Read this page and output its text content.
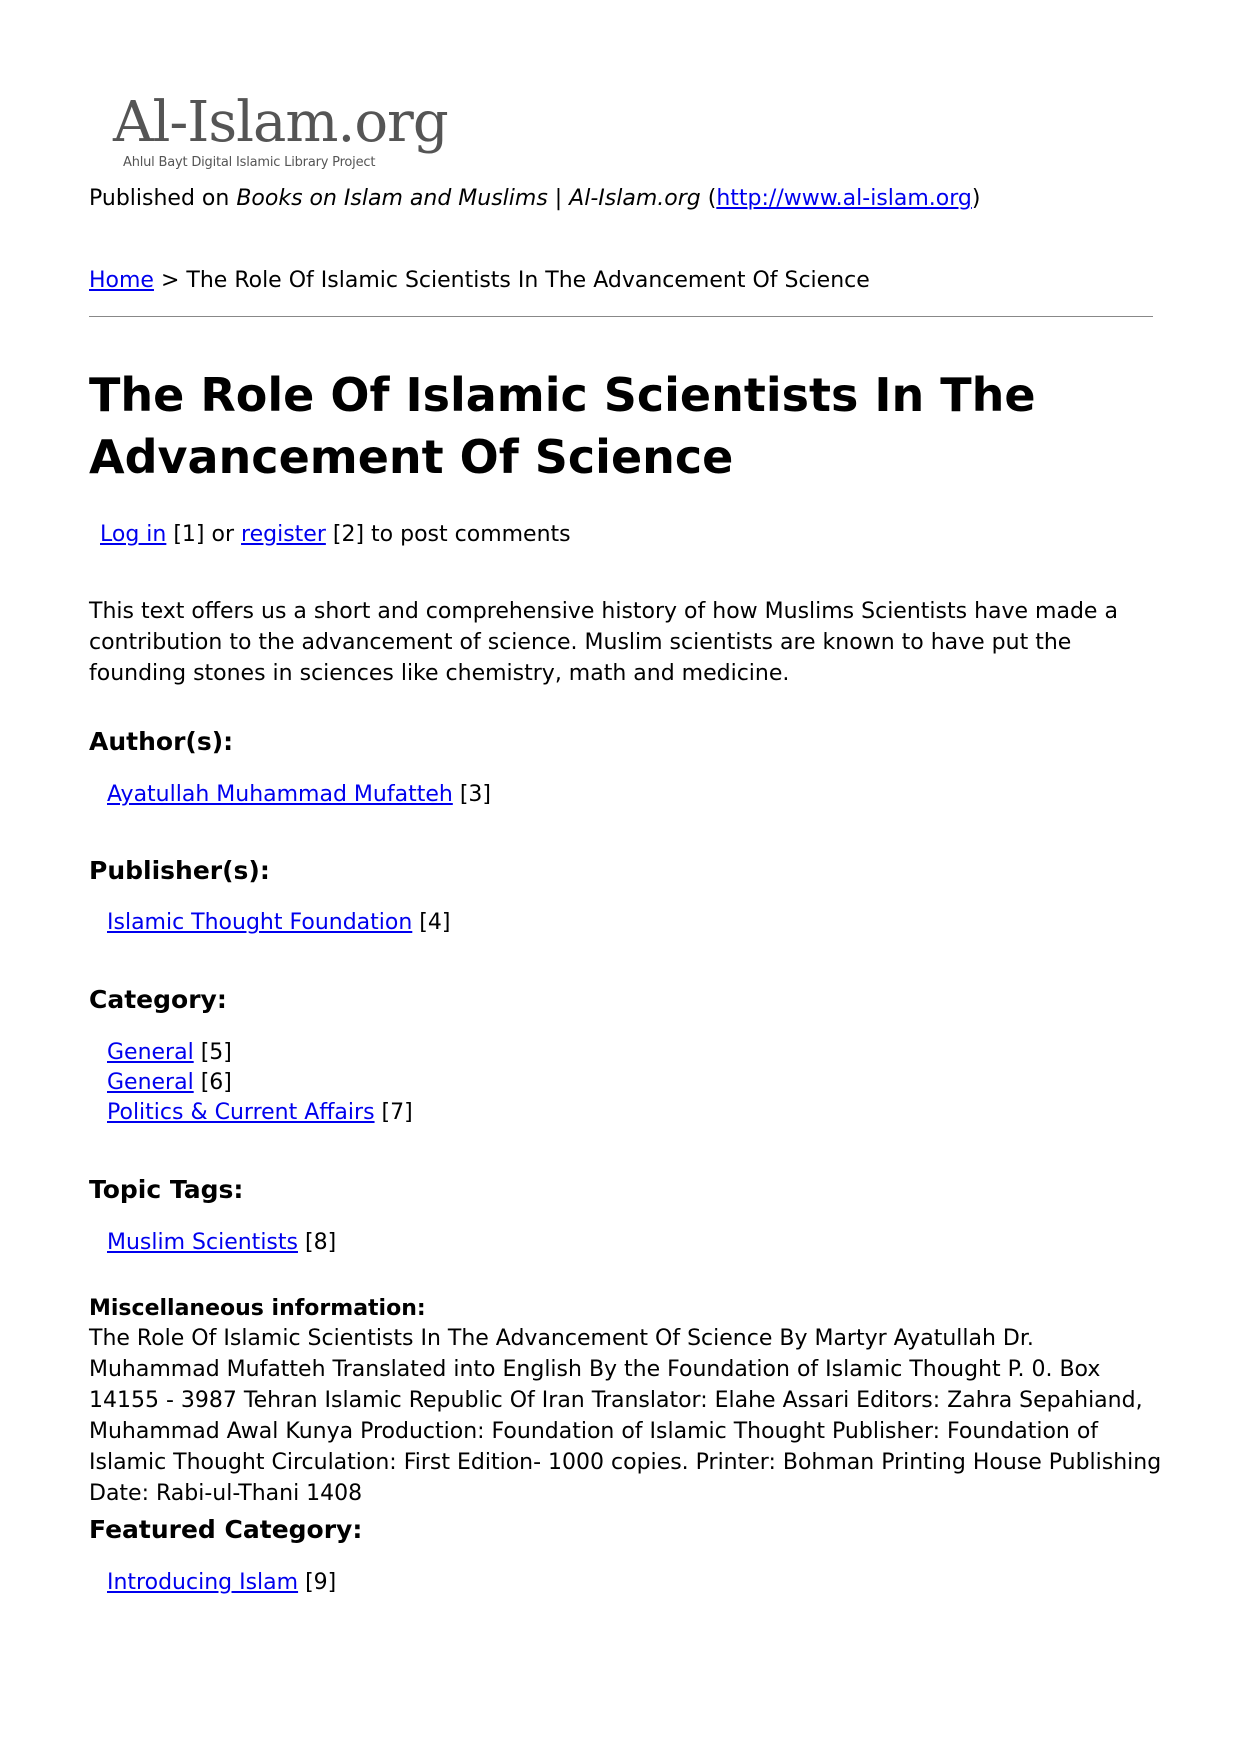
Al-Islam.org
Ahlul Bayt Digital Islamic Library Project
Published on Books on Islam and Muslims | Al-Islam.org (http://www.al-islam.org)
Home > The Role Of Islamic Scientists In The Advancement Of Science
The Role Of Islamic Scientists In The Advancement Of Science
Log in [1] or register [2] to post comments

This text offers us a short and comprehensive history of how Muslims Scientists have made a contribution to the advancement of science. Muslim scientists are known to have put the founding stones in sciences like chemistry, math and medicine.

Author(s):
Ayatullah Muhammad Mufatteh [3]
Publisher(s):
Islamic Thought Foundation [4]
Category:
General [5]
General [6]
Politics & Current Affairs [7]
Topic Tags:
Muslim Scientists [8]
Miscellaneous information:

The Role Of Islamic Scientists In The Advancement Of Science By Martyr Ayatullah Dr. Muhammad Mufatteh Translated into English By the Foundation of Islamic Thought P. 0. Box 14155 - 3987 Tehran Islamic Republic Of Iran Translator: Elahe Assari Editors: Zahra Sepahiand, Muhammad Awal Kunya Production: Foundation of Islamic Thought Publisher: Foundation of Islamic Thought Circulation: First Edition- 1000 copies. Printer: Bohman Printing House Publishing Date: Rabi-ul-Thani 1408

Featured Category:
Introducing Islam [9]
